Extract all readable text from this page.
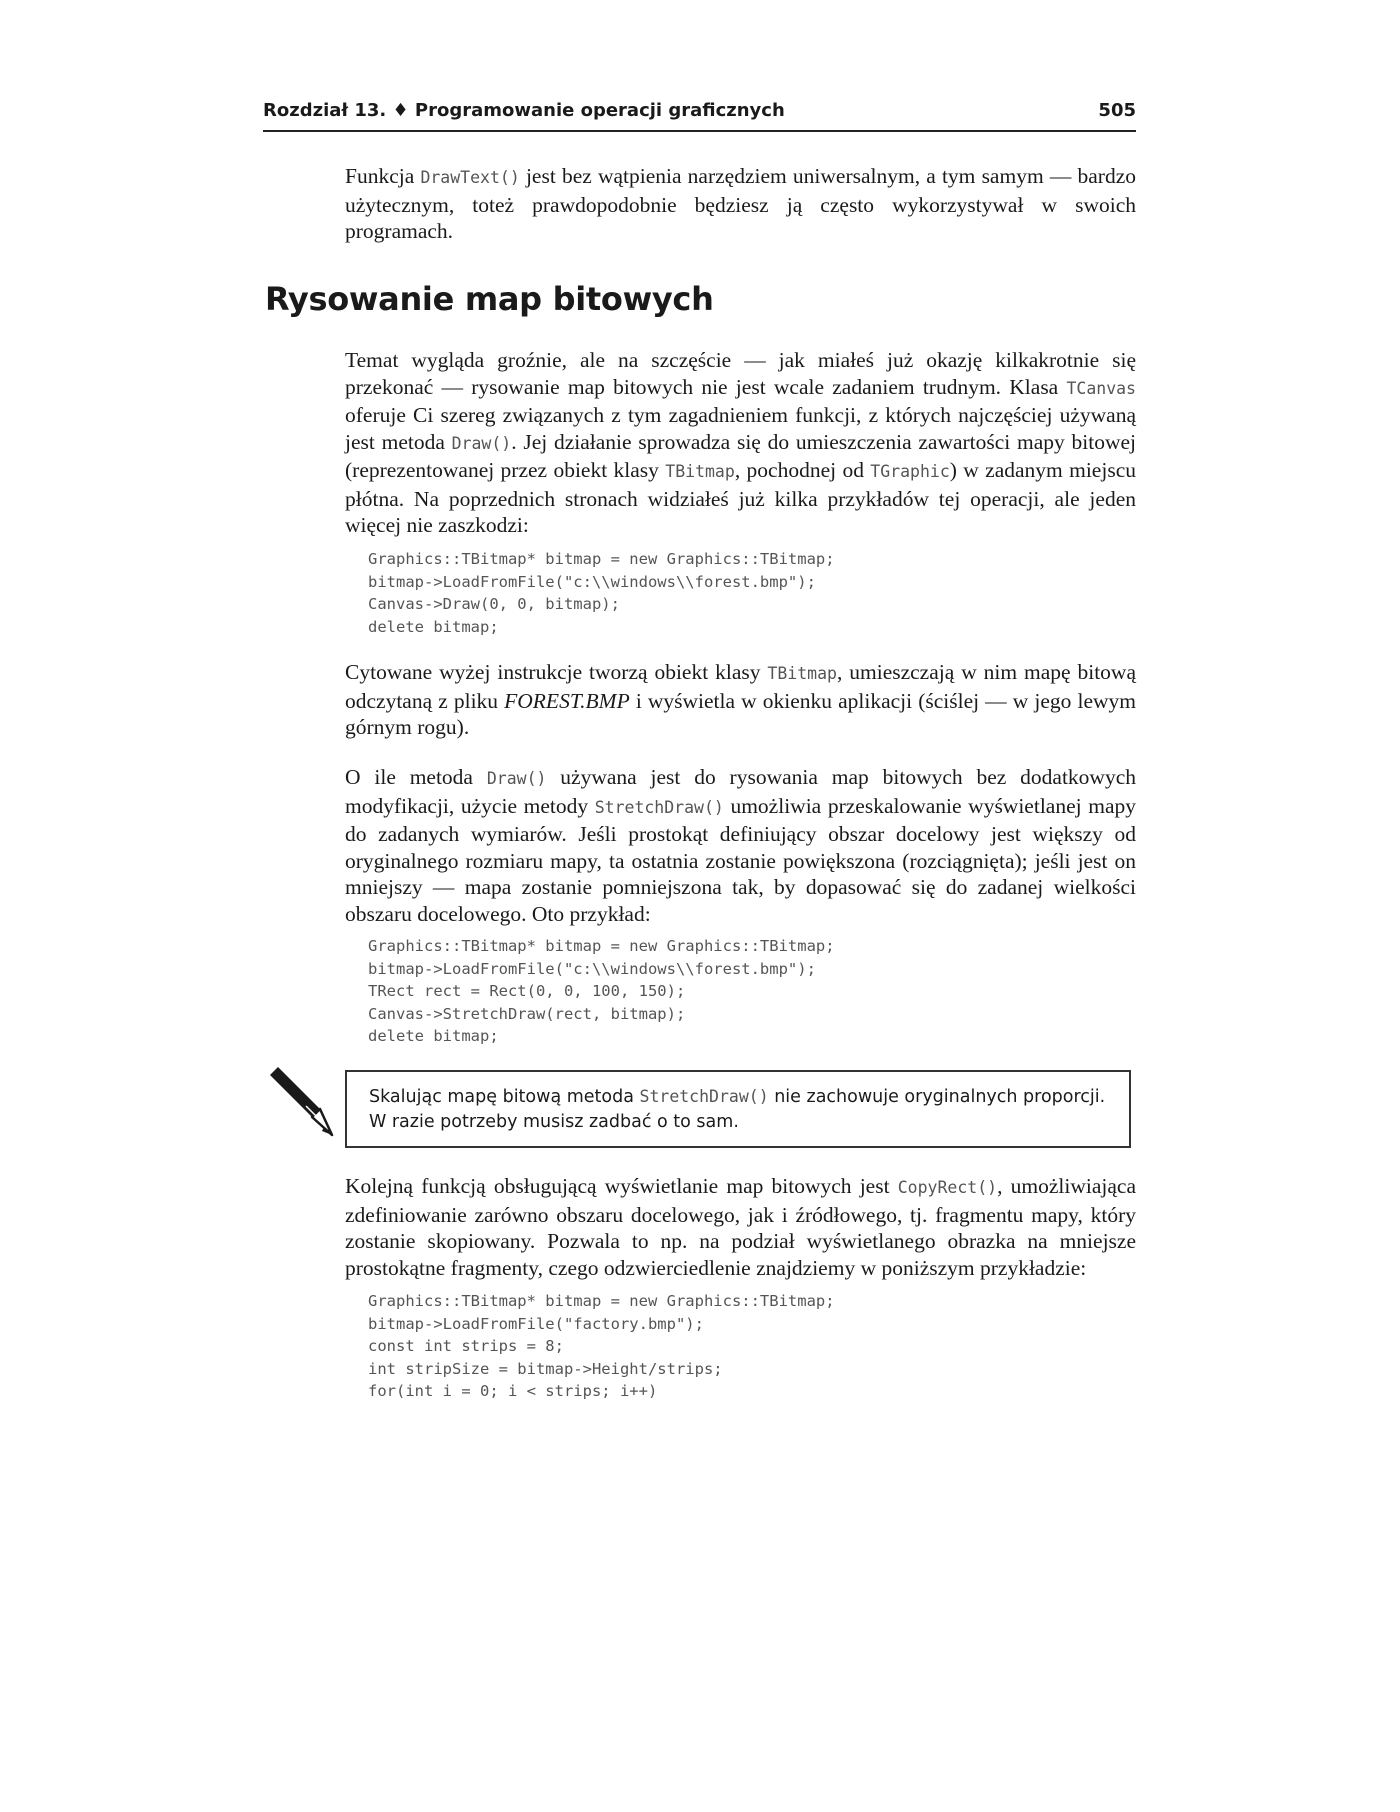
Rozdział 13. ♦ Programowanie operacji graficznych	505

Funkcja DrawText() jest bez wątpienia narzędziem uniwersalnym, a tym samym — bardzo użytecznym, toteż prawdopodobnie będziesz ją często wykorzystywał w swoich programach.

Rysowanie map bitowych

Temat wygląda groźnie, ale na szczęście — jak miałeś już okazję kilkakrotnie się przekonać — rysowanie map bitowych nie jest wcale zadaniem trudnym. Klasa TCanvas oferuje Ci szereg związanych z tym zagadnieniem funkcji, z których najczęściej używaną jest metoda Draw(). Jej działanie sprowadza się do umieszczenia zawartości mapy bitowej (reprezentowanej przez obiekt klasy TBitmap, pochodnej od TGraphic) w zadanym miejscu płótna. Na poprzednich stronach widziałeś już kilka przykładów tej operacji, ale jeden więcej nie zaszkodzi:

Graphics::TBitmap* bitmap = new Graphics::TBitmap;
bitmap->LoadFromFile("c:\\windows\\forest.bmp");
Canvas->Draw(0, 0, bitmap);
delete bitmap;

Cytowane wyżej instrukcje tworzą obiekt klasy TBitmap, umieszczają w nim mapę bitową odczytaną z pliku FOREST.BMP i wyświetla w okienku aplikacji (ściślej — w jego lewym górnym rogu).

O ile metoda Draw() używana jest do rysowania map bitowych bez dodatkowych modyfikacji, użycie metody StretchDraw() umożliwia przeskalowanie wyświetlanej mapy do zadanych wymiarów. Jeśli prostokąt definiujący obszar docelowy jest większy od oryginalnego rozmiaru mapy, ta ostatnia zostanie powiększona (rozciągnięta); jeśli jest on mniejszy — mapa zostanie pomniejszona tak, by dopasować się do zadanej wielkości obszaru docelowego. Oto przykład:

Graphics::TBitmap* bitmap = new Graphics::TBitmap;
bitmap->LoadFromFile("c:\\windows\\forest.bmp");
TRect rect = Rect(0, 0, 100, 150);
Canvas->StretchDraw(rect, bitmap);
delete bitmap;
Skalując mapę bitową metoda StretchDraw() nie zachowuje oryginalnych proporcji. W razie potrzeby musisz zadbać o to sam.

Kolejną funkcją obsługującą wyświetlanie map bitowych jest CopyRect(), umożliwiająca zdefiniowanie zarówno obszaru docelowego, jak i źródłowego, tj. fragmentu mapy, który zostanie skopiowany. Pozwala to np. na podział wyświetlanego obrazka na mniejsze prostokątne fragmenty, czego odzwierciedlenie znajdziemy w poniższym przykładzie:

Graphics::TBitmap* bitmap = new Graphics::TBitmap;
bitmap->LoadFromFile("factory.bmp");
const int strips = 8;
int stripSize = bitmap->Height/strips;
for(int i = 0; i < strips; i++)
